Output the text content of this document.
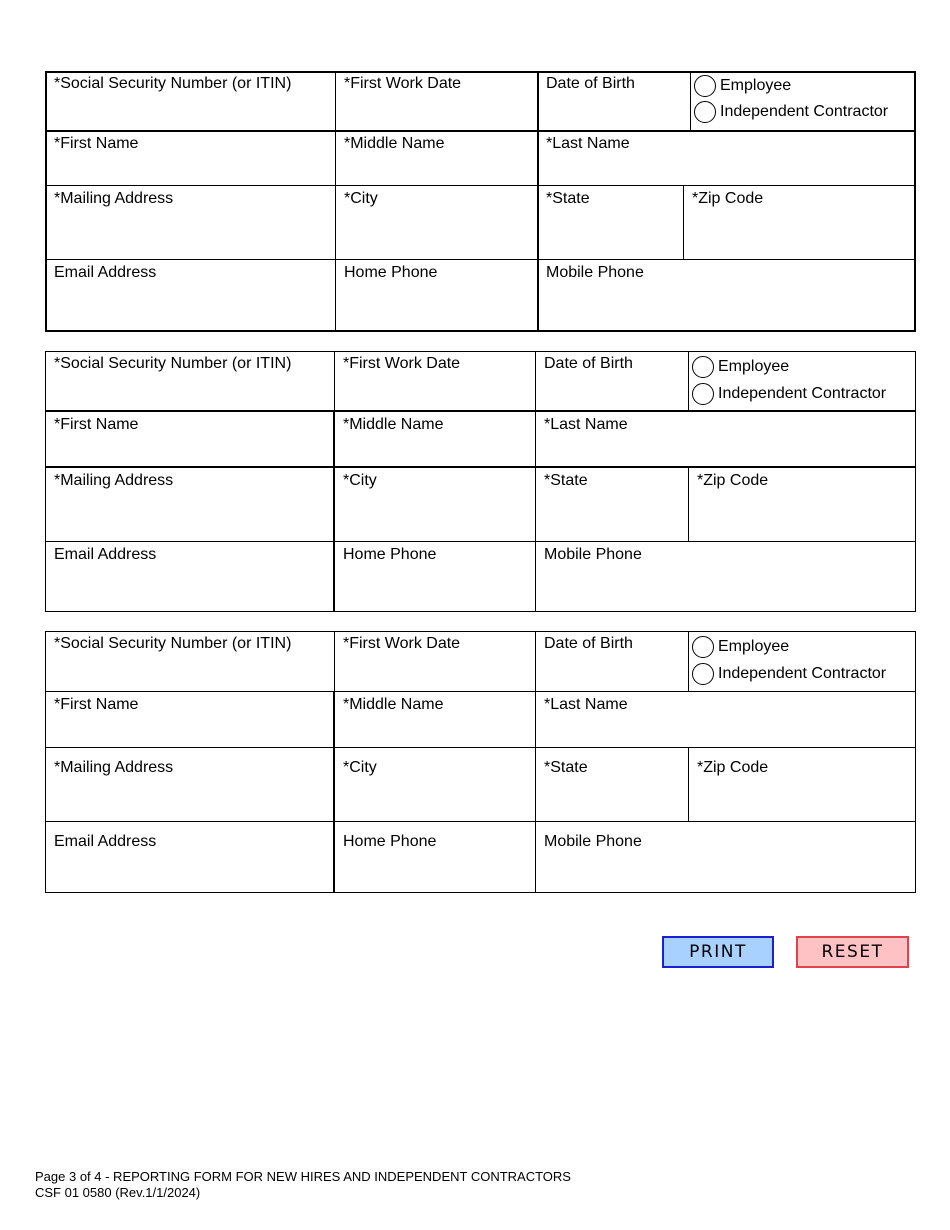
*Social Security Number (or ITIN)	*First Work Date	Date of Birth	Employee
Independent Contractor
*First Name	*Middle Name	*Last Name
*Mailing Address	*City	*State	*Zip Code
Email Address	Home Phone	Mobile Phone
*Social Security Number (or ITIN)	*First Work Date	Date of Birth	Employee
Independent Contractor
*First Name	*Middle Name	*Last Name
*Mailing Address	*City	*State	*Zip Code
Email Address	Home Phone	Mobile Phone
*Social Security Number (or ITIN)	*First Work Date	Date of Birth	Employee
Independent Contractor
*First Name	*Middle Name	*Last Name
*Mailing Address	*City	*State	*Zip Code
Email Address	Home Phone	Mobile Phone
PRINT	RESET
Page 3 of 4 - REPORTING FORM FOR NEW HIRES AND INDEPENDENT CONTRACTORS
CSF 01 0580 (Rev.1/1/2024)
